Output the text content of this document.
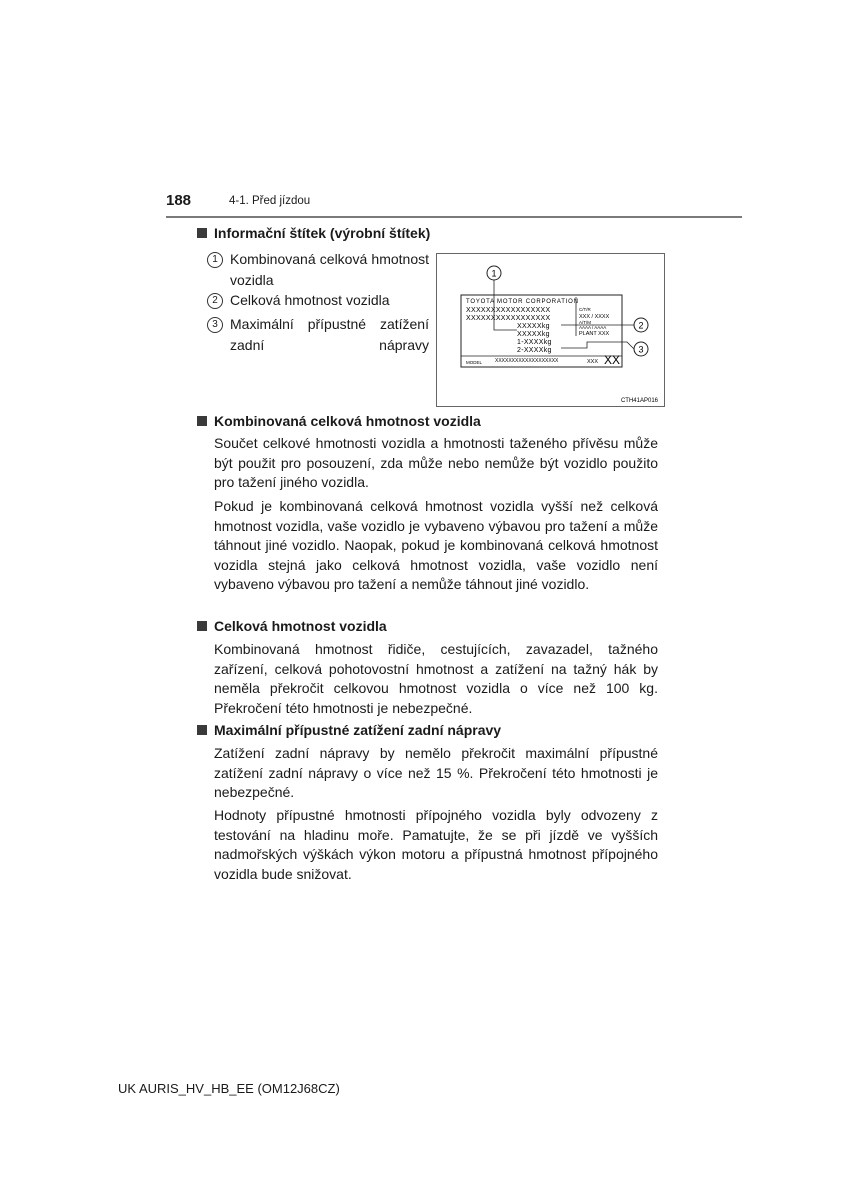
188	4-1. Před jízdou
Informační štítek (výrobní štítek)
1 Kombinovaná celková hmotnost vozidla
2 Celková hmotnost vozidla
3 Maximální přípustné zatížení zadní nápravy
TOYOTA MOTOR CORPORATION
XXXXXXXXXXXXXXXXX
XXXXXXXXXXXXXXXXX
C/T/R
XXX / XXXX
A/T/M
AAAA / AAAA
PLANT XXX
XXXXXkg
XXXXXkg
1-XXXXkg
2-XXXXkg
MODEL	XXXXXXXXXXXXXXXXXXX	XXX XX
1
2
3
CTH41AP016
Kombinovaná celková hmotnost vozidla
Součet celkové hmotnosti vozidla a hmotnosti taženého přívěsu může být použit pro posouzení, zda může nebo nemůže být vozidlo použito pro tažení jiného vozidla.
Pokud je kombinovaná celková hmotnost vozidla vyšší než celková hmotnost vozidla, vaše vozidlo je vybaveno výbavou pro tažení a může táhnout jiné vozidlo. Naopak, pokud je kombinovaná celková hmotnost vozidla stejná jako celková hmotnost vozidla, vaše vozidlo není vybaveno výbavou pro tažení a nemůže táhnout jiné vozidlo.
Celková hmotnost vozidla
Kombinovaná hmotnost řidiče, cestujících, zavazadel, tažného zařízení, celková pohotovostní hmotnost a zatížení na tažný hák by neměla překročit celkovou hmotnost vozidla o více než 100 kg. Překročení této hmotnosti je nebezpečné.
Maximální přípustné zatížení zadní nápravy
Zatížení zadní nápravy by nemělo překročit maximální přípustné zatížení zadní nápravy o více než 15 %. Překročení této hmotnosti je nebezpečné.
Hodnoty přípustné hmotnosti přípojného vozidla byly odvozeny z testování na hladinu moře. Pamatujte, že se při jízdě ve vyšších nadmořských výškách výkon motoru a přípustná hmotnost přípojného vozidla bude snižovat.
UK AURIS_HV_HB_EE (OM12J68CZ)
